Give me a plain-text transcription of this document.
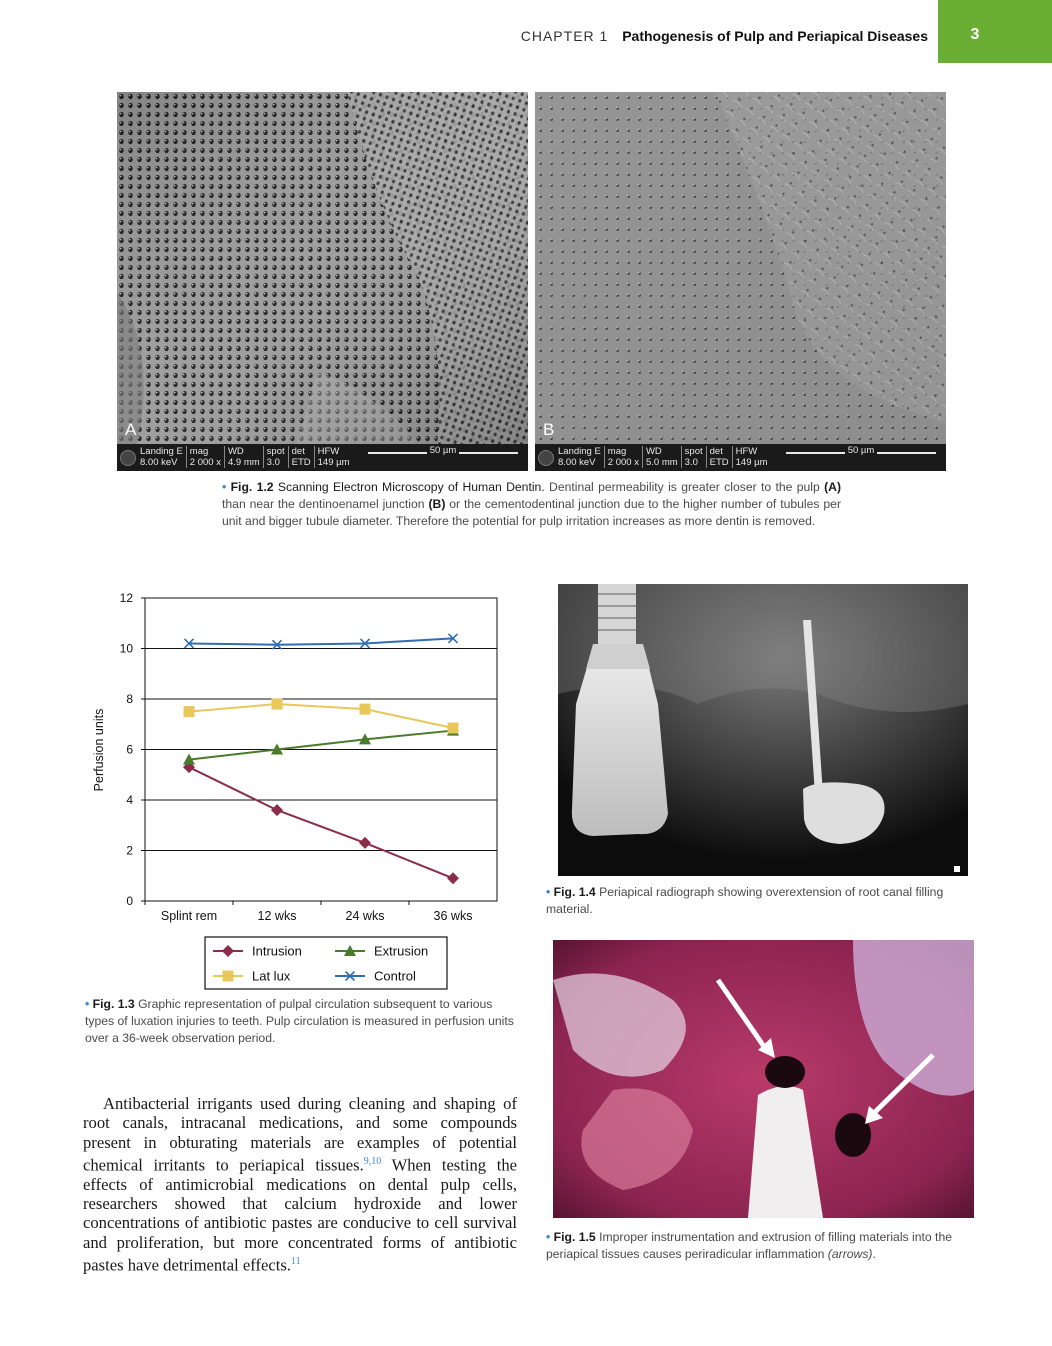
CHAPTER 1 Pathogenesis of Pulp and Periapical Diseases	3
A
Landing E	mag	WD	spot	det	HFW
8.00 keV	2 000 x	4.9 mm	3.0	ETD	149 µm
50 µm
B
Landing E	mag	WD	spot	det	HFW
8.00 keV	2 000 x	5.0 mm	3.0	ETD	149 µm
50 µm
• Fig. 1.2 Scanning Electron Microscopy of Human Dentin. Dentinal permeability is greater closer to the pulp (A) than near the dentinoenamel junction (B) or the cementodentinal junction due to the higher number of tubules per unit and bigger tubule diameter. Therefore the potential for pulp irritation increases as more dentin is removed.
0
2
4
6
8
10
12
Splint rem	12 wks	24 wks	36 wks
Perfusion units
Intrusion	Extrusion
Lat lux	Control
• Fig. 1.3 Graphic representation of pulpal circulation subsequent to various types of luxation injuries to teeth. Pulp circulation is measured in perfusion units over a 36-week observation period.
• Fig. 1.4 Periapical radiograph showing overextension of root canal filling material.
• Fig. 1.5 Improper instrumentation and extrusion of filling materials into the periapical tissues causes periradicular inflammation (arrows).
Antibacterial irrigants used during cleaning and shaping of root canals, intracanal medications, and some compounds present in obturating materials are examples of potential chemical irritants to periapical tissues.$^{9,10}$ When testing the effects of antimicrobial medications on dental pulp cells, researchers showed that calcium hydroxide and lower concentrations of antibiotic pastes are conducive to cell survival and proliferation, but more concentrated forms of antibiotic pastes have detrimental effects.$^{11}$
